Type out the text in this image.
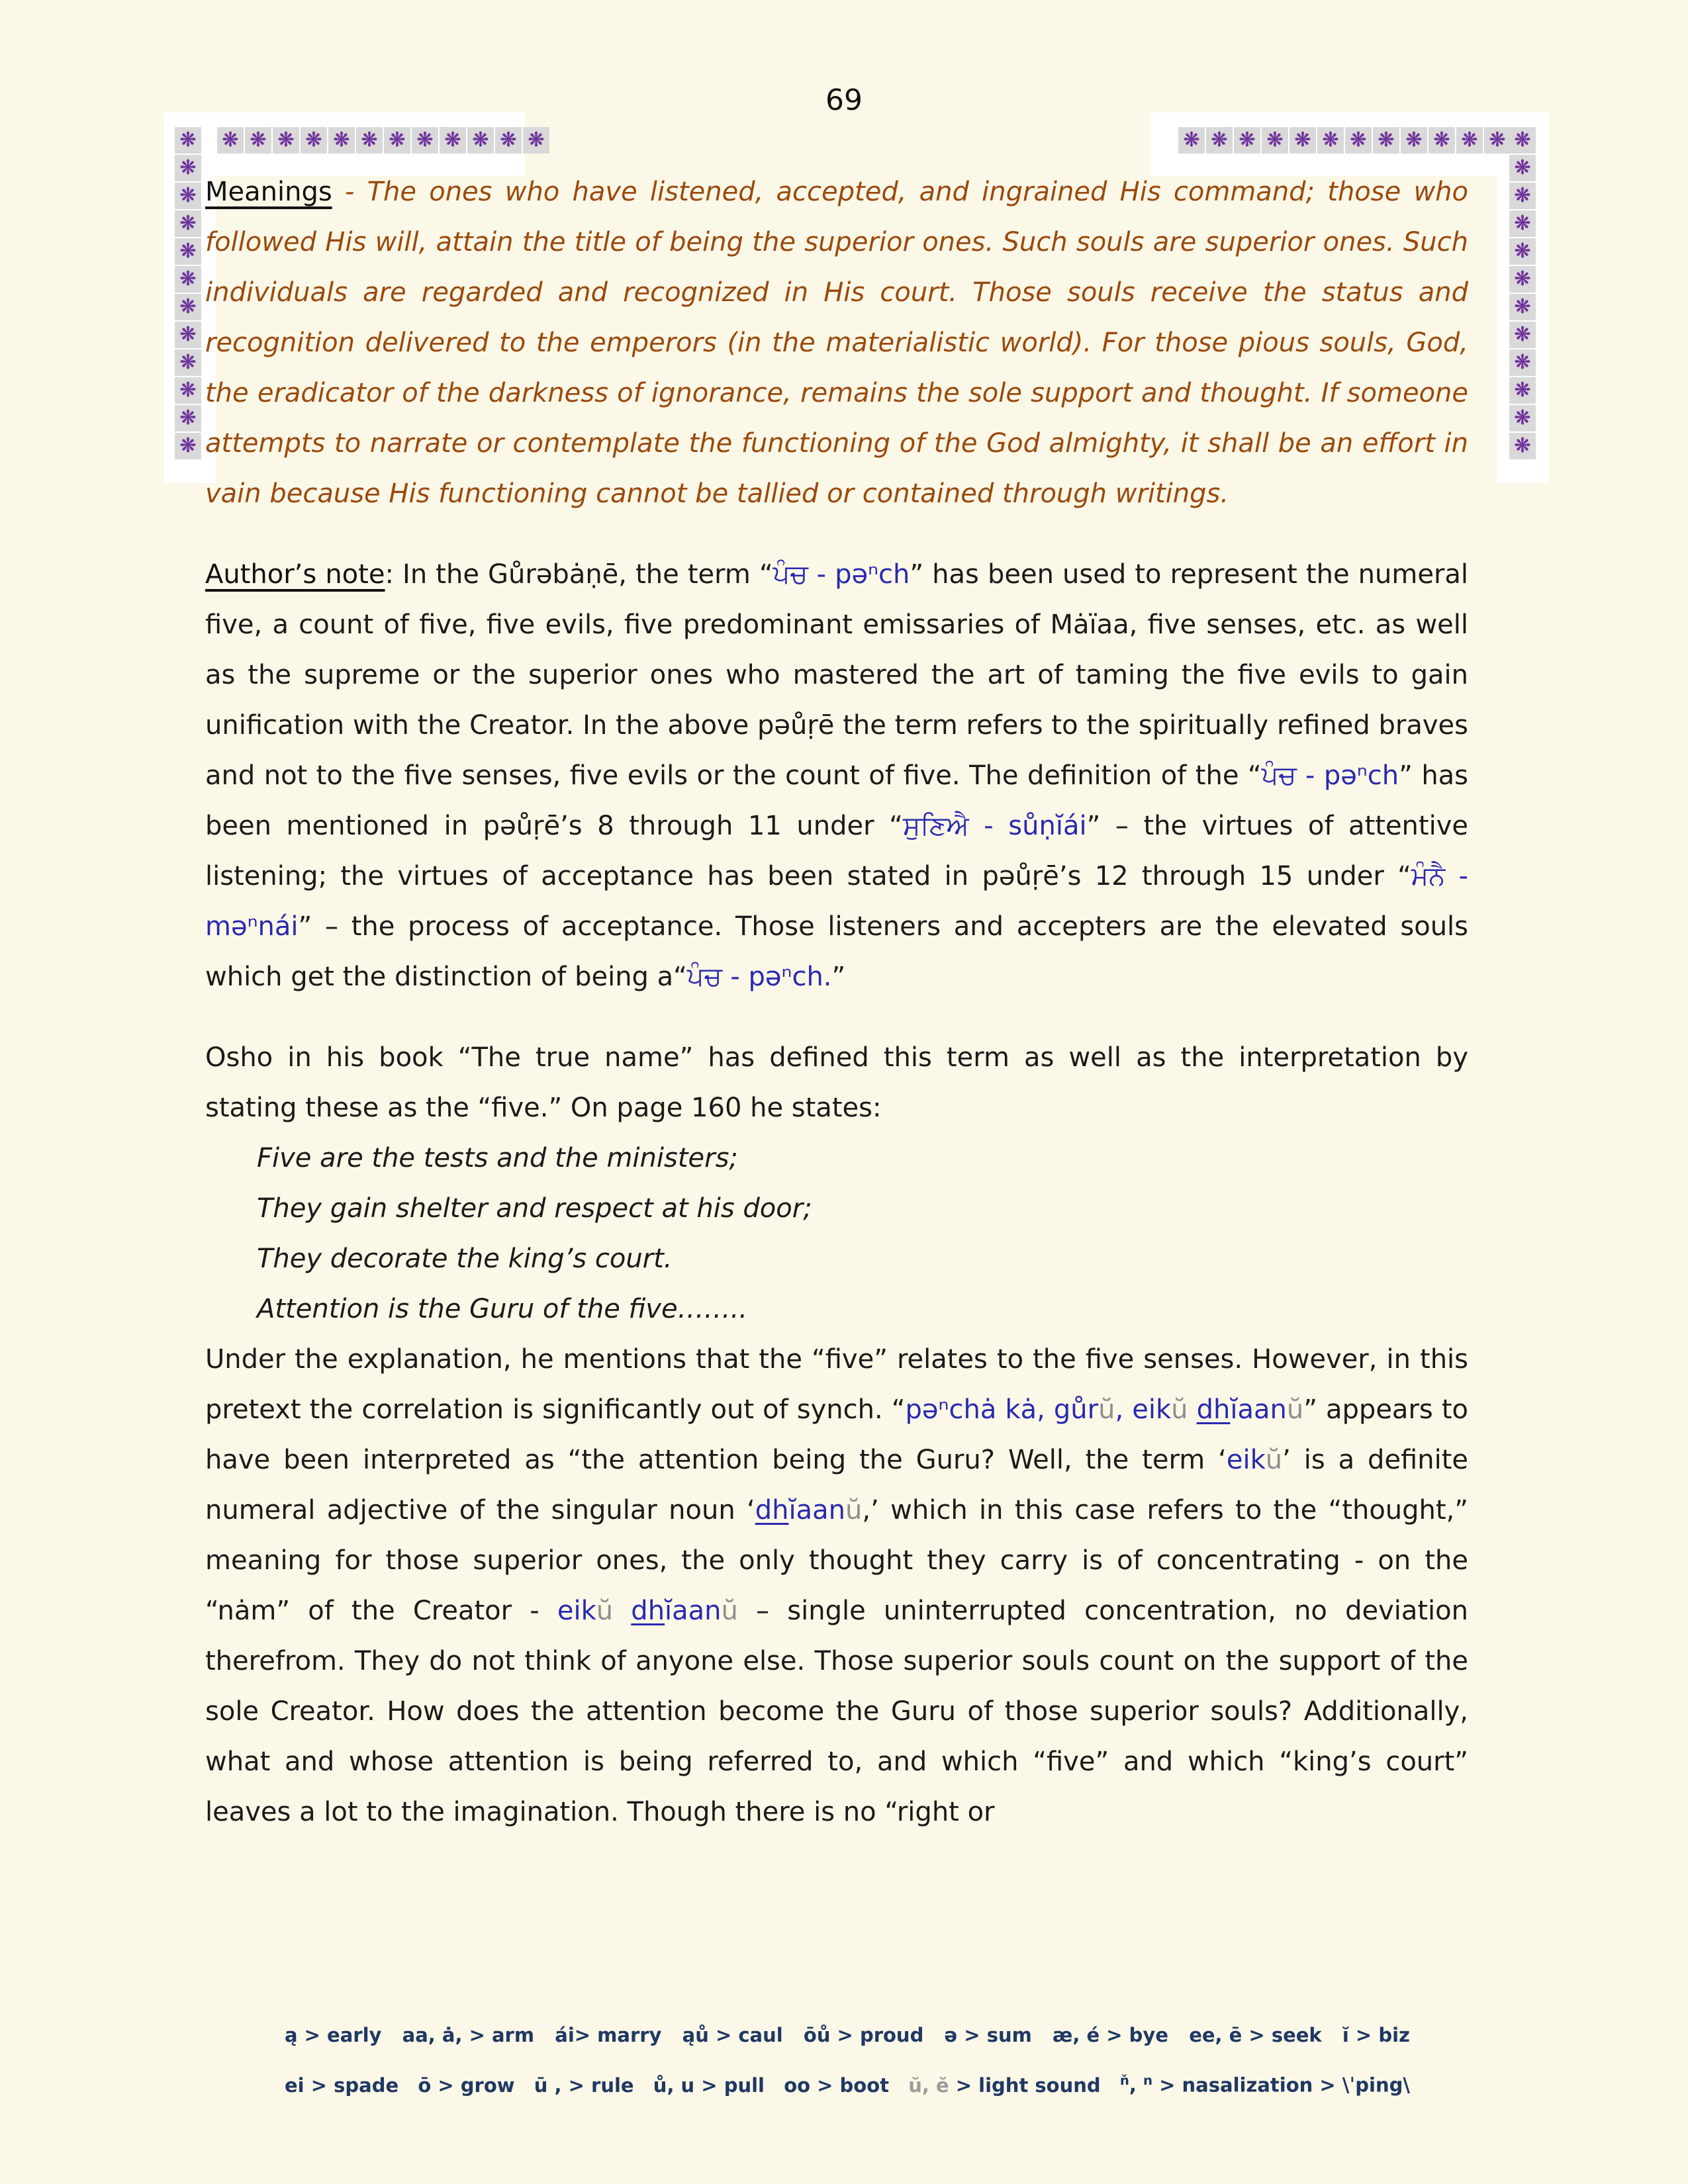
69
❋ ❋ ❋ ❋ ❋ ❋ ❋ ❋ ❋ ❋ ❋ ❋	❋ ❋ ❋ ❋ ❋ ❋ ❋ ❋ ❋ ❋ ❋ ❋
❋
❋
❋
❋
❋
❋
❋
❋
❋
❋
❋
❋
❋
❋
❋
❋
❋
❋
❋
❋
❋
❋
❋
❋

Meanings - The ones who have listened, accepted, and ingrained His command; those who followed His will, attain the title of being the superior ones. Such souls are superior ones. Such individuals are regarded and recognized in His court. Those souls receive the status and recognition delivered to the emperors (in the materialistic world). For those pious souls, God, the eradicator of the darkness of ignorance, remains the sole support and thought. If someone attempts to narrate or contemplate the functioning of the God almighty, it shall be an effort in vain because His functioning cannot be tallied or contained through writings.

Author’s note: In the Gůrəbȧṇē, the term “ਪੰਚ - pəⁿch” has been used to represent the numeral five, a count of five, five evils, five predominant emissaries of Mȧïaa, five senses, etc. as well as the supreme or the superior ones who mastered the art of taming the five evils to gain unification with the Creator. In the above pəůṛē the term refers to the spiritually refined braves and not to the five senses, five evils or the count of five. The definition of the “ਪੰਚ - pəⁿch” has been mentioned in pəůṛē’s 8 through 11 under “ਸੁਣਿਐ - sůṇĭái” – the virtues of attentive listening; the virtues of acceptance has been stated in pəůṛē’s 12 through 15 under “ਮੰਨੈ - məⁿnái” – the process of acceptance. Those listeners and accepters are the elevated souls which get the distinction of being a“ਪੰਚ - pəⁿch.”

Osho in his book “The true name” has defined this term as well as the interpretation by stating these as the “five.” On page 160 he states:

Five are the tests and the ministers;
They gain shelter and respect at his door;
They decorate the king’s court.
Attention is the Guru of the five……..

Under the explanation, he mentions that the “five” relates to the five senses. However, in this pretext the correlation is significantly out of synch. “pəⁿchȧ kȧ, gůrŭ, eikŭ dhĭaanŭ” appears to have been interpreted as “the attention being the Guru? Well, the term ‘eikŭ’ is a definite numeral adjective of the singular noun ‘dhĭaanŭ,’ which in this case refers to the “thought,” meaning for those superior ones, the only thought they carry is of concentrating - on the “nȧm” of the Creator - eikŭ dhĭaanŭ – single uninterrupted concentration, no deviation therefrom. They do not think of anyone else. Those superior souls count on the support of the sole Creator. How does the attention become the Guru of those superior souls? Additionally, what and whose attention is being referred to, and which “five” and which “king’s court” leaves a lot to the imagination. Though there is no “right or

ą > early aa, ȧ, > arm ái> marry ąů > caul ōů > proud ə > sum æ, é > bye ee, ē > seek ĭ > biz
ei > spade ō > grow ū , > rule ů, u > pull oo > boot ŭ, ĕ > light sound $^ň$, $^n$ > nasalization > \ˈping\
